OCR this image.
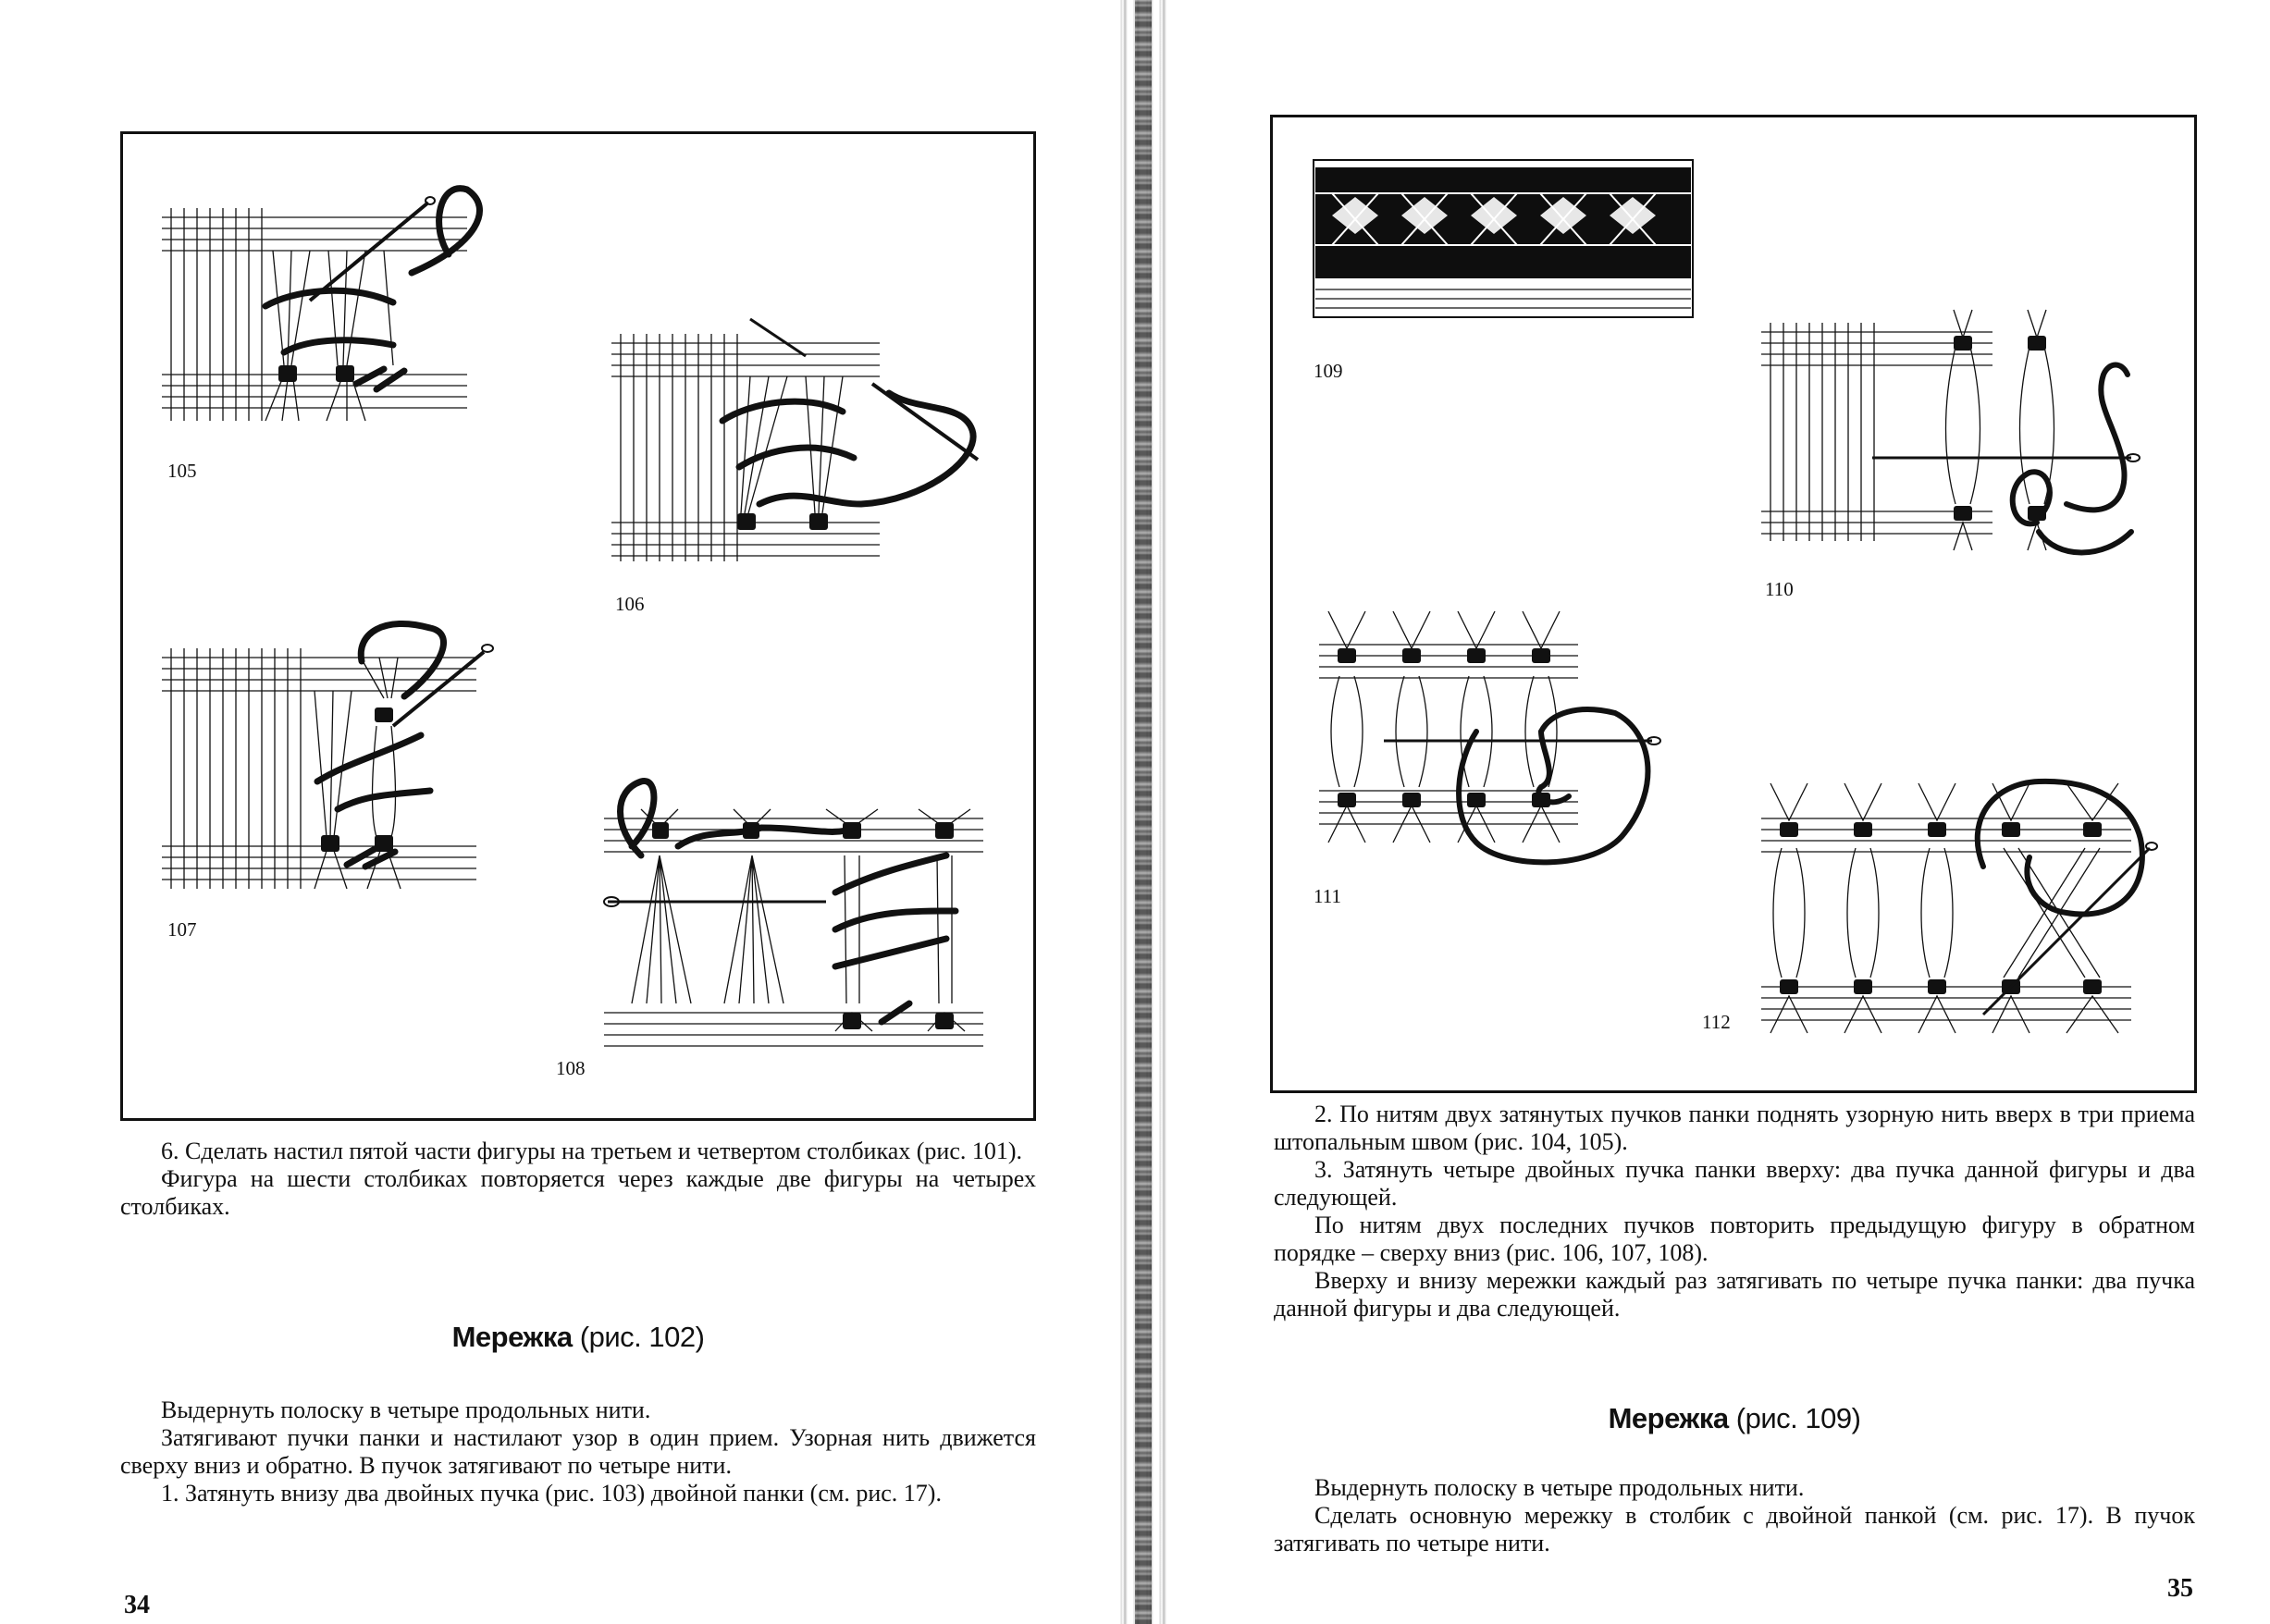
105
106
107
108

6. Сделать настил пятой части фигуры на третьем и четвертом столбиках (рис. 101).

Фигура на шести столбиках повторяется через каждые две фигуры на четырех столбиках.

Мережка (рис. 102)

Выдернуть полоску в четыре продольных нити.

Затягивают пучки панки и настилают узор в один прием. Узорная нить движется сверху вниз и обратно. В пучок затягивают по четыре нити.

1. Затянуть внизу два двойных пучка (рис. 103) двойной панки (см. рис. 17).

34
109
110
111
112

2. По нитям двух затянутых пучков панки поднять узорную нить вверх в три приема штопальным швом (рис. 104, 105).

3. Затянуть четыре двойных пучка панки вверху: два пучка данной фигуры и два следующей.

По нитям двух последних пучков повторить предыдущую фигуру в обратном порядке – сверху вниз (рис. 106, 107, 108).

Вверху и внизу мережки каждый раз затягивать по четыре пучка панки: два пучка данной фигуры и два следующей.

Мережка (рис. 109)

Выдернуть полоску в четыре продольных нити.

Сделать основную мережку в столбик с двойной панкой (см. рис. 17). В пучок затягивать по четыре нити.

35
